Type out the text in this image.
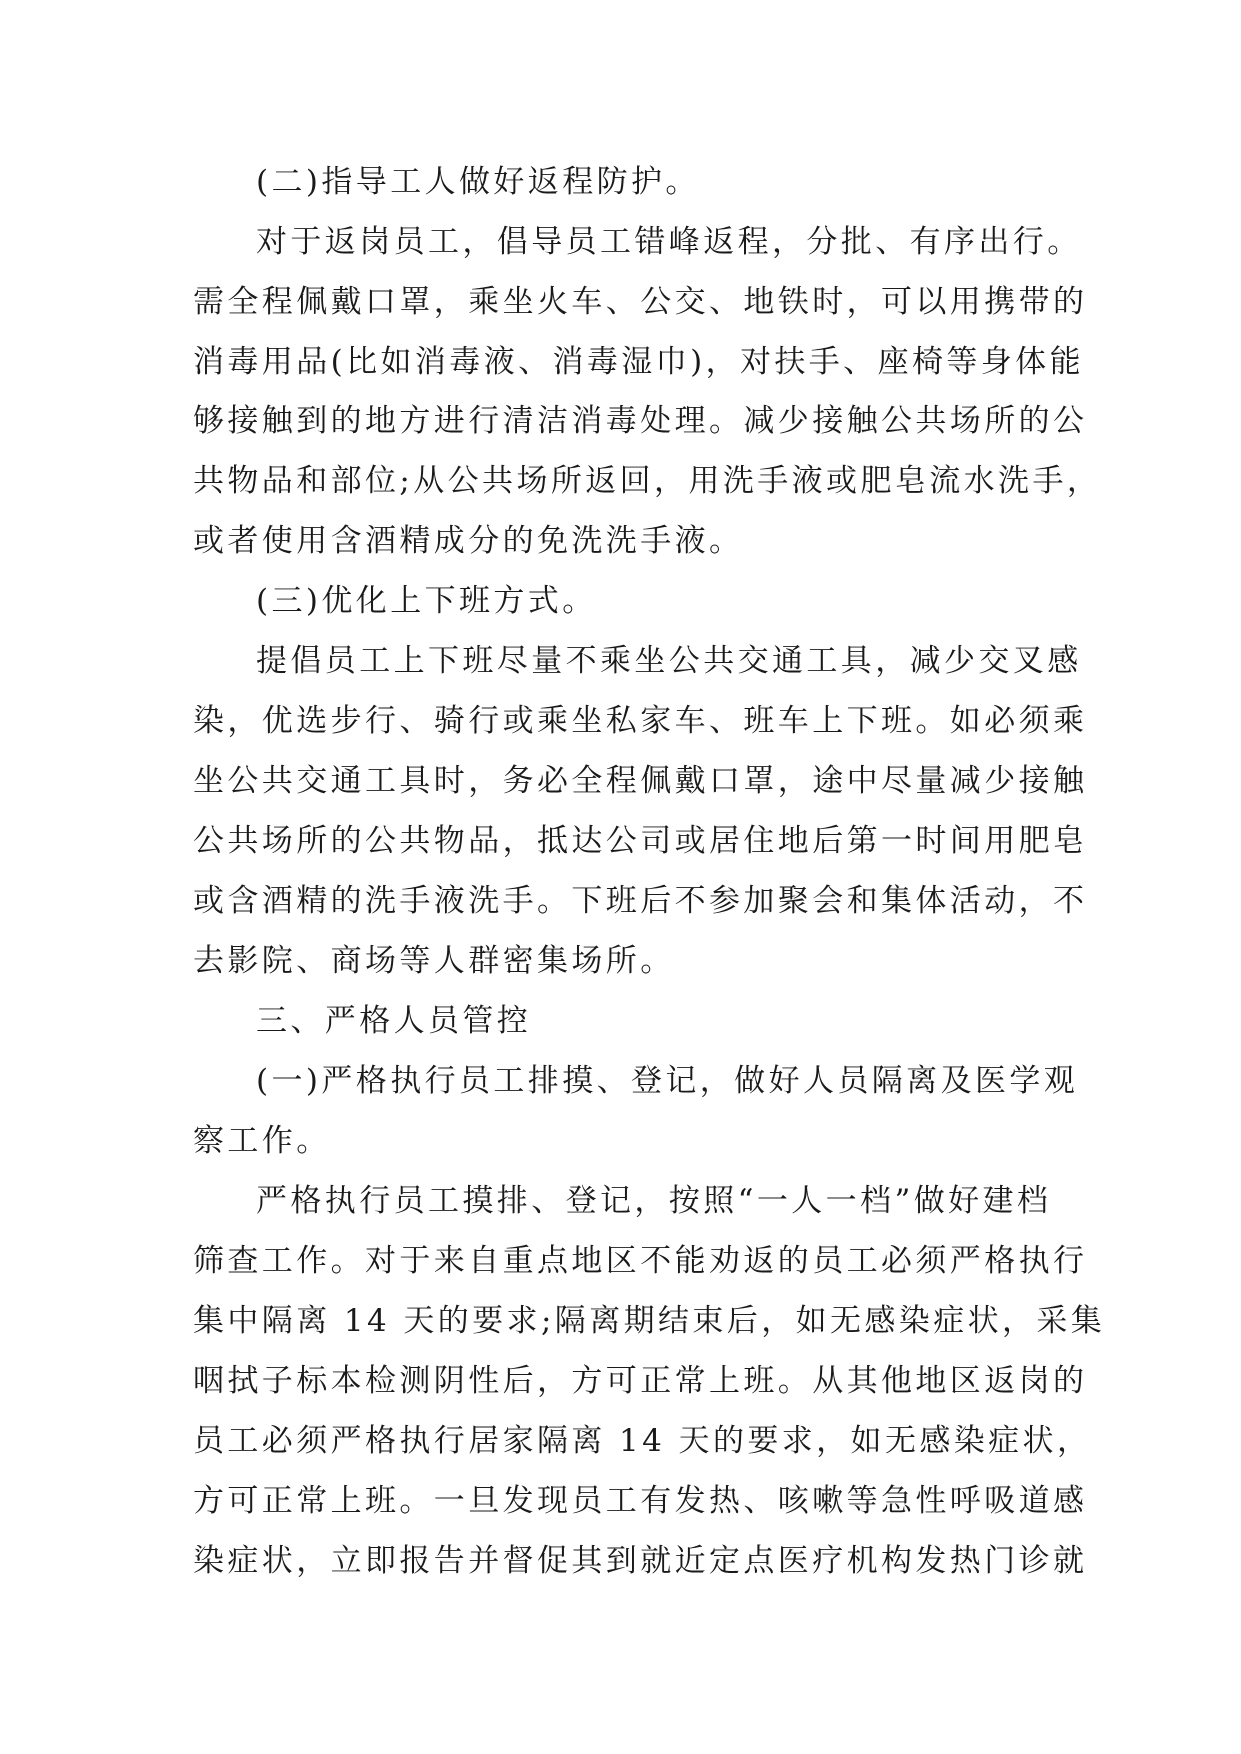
(二)指导工人做好返程防护。
对于返岗员工，倡导员工错峰返程，分批、有序出行。
需全程佩戴口罩，乘坐火车、公交、地铁时，可以用携带的
消毒用品(比如消毒液、消毒湿巾)，对扶手、座椅等身体能
够接触到的地方进行清洁消毒处理。减少接触公共场所的公
共物品和部位;从公共场所返回，用洗手液或肥皂流水洗手，
或者使用含酒精成分的免洗洗手液。
(三)优化上下班方式。
提倡员工上下班尽量不乘坐公共交通工具，减少交叉感
染，优选步行、骑行或乘坐私家车、班车上下班。如必须乘
坐公共交通工具时，务必全程佩戴口罩，途中尽量减少接触
公共场所的公共物品，抵达公司或居住地后第一时间用肥皂
或含酒精的洗手液洗手。下班后不参加聚会和集体活动，不
去影院、商场等人群密集场所。
三、严格人员管控
(一)严格执行员工排摸、登记，做好人员隔离及医学观
察工作。
严格执行员工摸排、登记，按照“一人一档”做好建档
筛查工作。对于来自重点地区不能劝返的员工必须严格执行
集中隔离 14 天的要求;隔离期结束后，如无感染症状，采集
咽拭子标本检测阴性后，方可正常上班。从其他地区返岗的
员工必须严格执行居家隔离 14 天的要求，如无感染症状，
方可正常上班。一旦发现员工有发热、咳嗽等急性呼吸道感
染症状，立即报告并督促其到就近定点医疗机构发热门诊就
